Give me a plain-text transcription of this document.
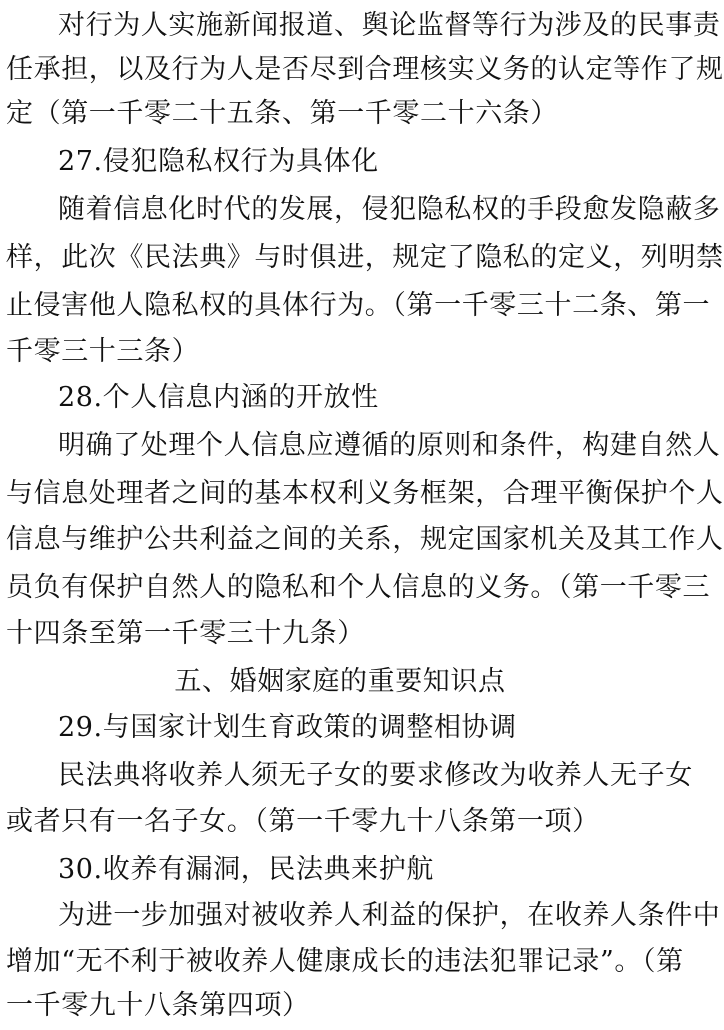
对行为人实施新闻报道、舆论监督等行为涉及的民事责
任承担，以及行为人是否尽到合理核实义务的认定等作了规
定（第一千零二十五条、第一千零二十六条）
27.侵犯隐私权行为具体化
随着信息化时代的发展，侵犯隐私权的手段愈发隐蔽多
样，此次《民法典》与时俱进，规定了隐私的定义，列明禁
止侵害他人隐私权的具体行为。（第一千零三十二条、第一
千零三十三条）
28.个人信息内涵的开放性
明确了处理个人信息应遵循的原则和条件，构建自然人
与信息处理者之间的基本权利义务框架，合理平衡保护个人
信息与维护公共利益之间的关系，规定国家机关及其工作人
员负有保护自然人的隐私和个人信息的义务。（第一千零三
十四条至第一千零三十九条）
五、婚姻家庭的重要知识点
29.与国家计划生育政策的调整相协调
民法典将收养人须无子女的要求修改为收养人无子女
或者只有一名子女。（第一千零九十八条第一项）
30.收养有漏洞，民法典来护航
为进一步加强对被收养人利益的保护，在收养人条件中
增加“无不利于被收养人健康成长的违法犯罪记录”。（第
一千零九十八条第四项）
